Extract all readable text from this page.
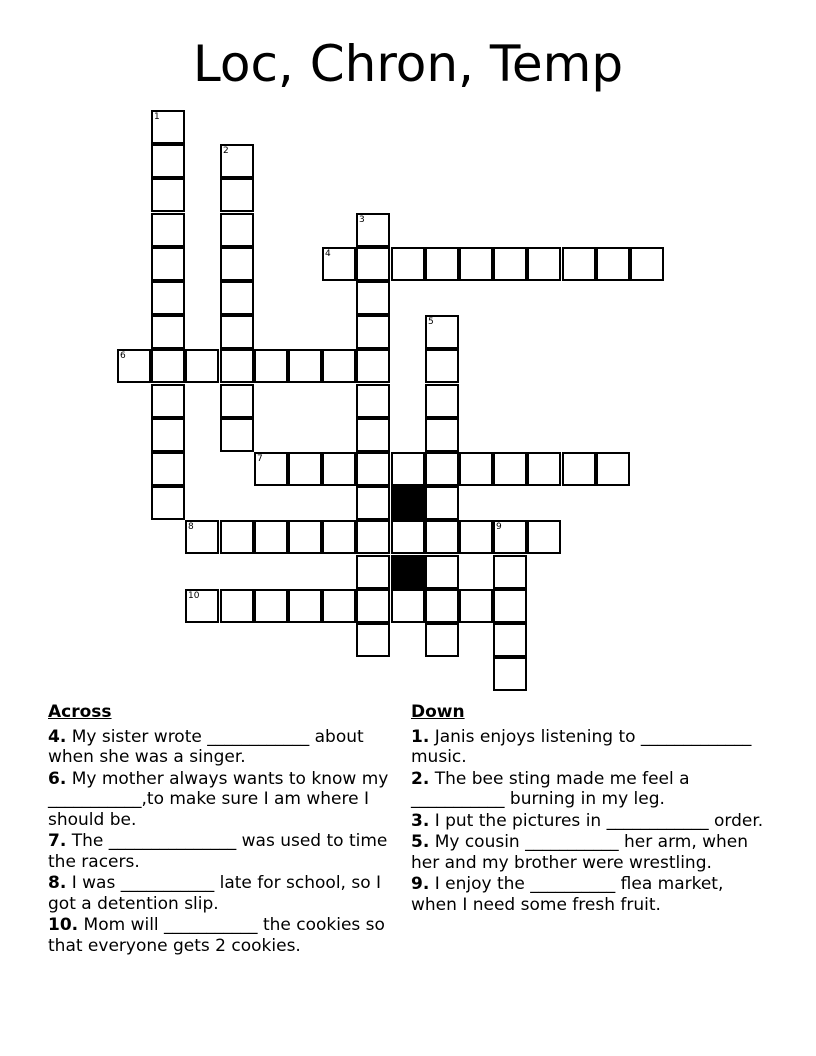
Loc, Chron, Temp
1
2
3
4
5
6
7
8	9
10
Across
4. My sister wrote ____________ about when she was a singer.
6. My mother always wants to know my ___________,to make sure I am where I should be.
7. The _______________ was used to time the racers.
8. I was ___________ late for school, so I got a detention slip.
10. Mom will ___________ the cookies so that everyone gets 2 cookies.
Down
1. Janis enjoys listening to _____________ music.
2. The bee sting made me feel a ___________ burning in my leg.
3. I put the pictures in ____________ order.
5. My cousin ___________ her arm, when her and my brother were wrestling.
9. I enjoy the __________ flea market, when I need some fresh fruit.
